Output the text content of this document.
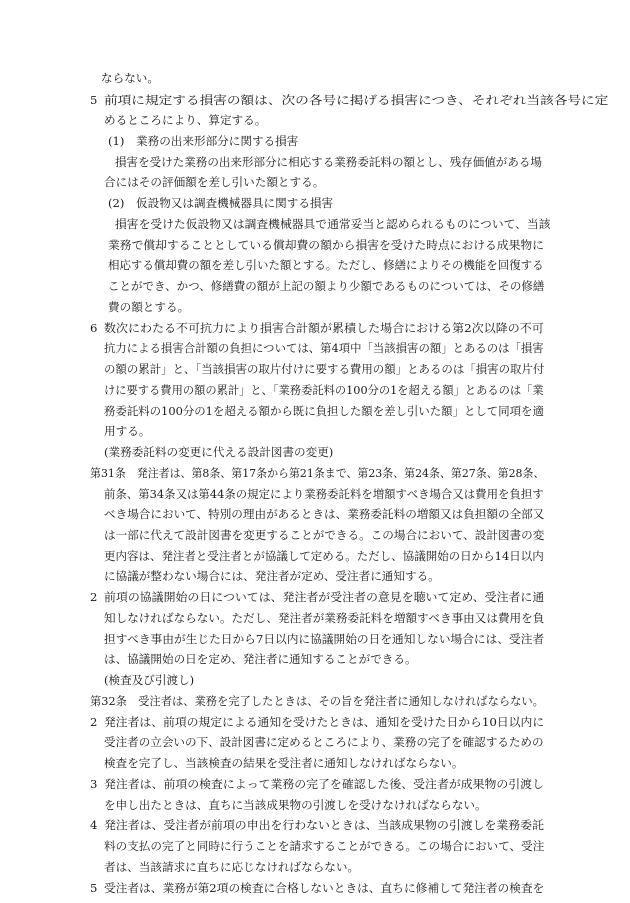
ならない。
5 前項に規定する損害の額は、次の各号に掲げる損害につき、それぞれ当該各号に定
めるところにより、算定する。
(1)　業務の出来形部分に関する損害
損害を受けた業務の出来形部分に相応する業務委託料の額とし、残存価値がある場
合にはその評価額を差し引いた額とする。
(2)　仮設物又は調査機械器具に関する損害
損害を受けた仮設物又は調査機械器具で通常妥当と認められるものについて、当該
業務で償却することとしている償却費の額から損害を受けた時点における成果物に
相応する償却費の額を差し引いた額とする。ただし、修繕によりその機能を回復する
ことができ、かつ、修繕費の額が上記の額より少額であるものについては、その修繕
費の額とする。
6 数次にわたる不可抗力により損害合計額が累積した場合における第2次以降の不可
抗力による損害合計額の負担については、第4項中「当該損害の額」とあるのは「損害
の額の累計」と、「当該損害の取片付けに要する費用の額」とあるのは「損害の取片付
けに要する費用の額の累計」と、「業務委託料の100分の1を超える額」とあるのは「業
務委託料の100分の1を超える額から既に負担した額を差し引いた額」として同項を適
用する。
(業務委託料の変更に代える設計図書の変更)
第31条　発注者は、第8条、第17条から第21条まで、第23条、第24条、第27条、第28条、
前条、第34条又は第44条の規定により業務委託料を増額すべき場合又は費用を負担す
べき場合において、特別の理由があるときは、業務委託料の増額又は負担額の全部又
は一部に代えて設計図書を変更することができる。この場合において、設計図書の変
更内容は、発注者と受注者とが協議して定める。ただし、協議開始の日から14日以内
に協議が整わない場合には、発注者が定め、受注者に通知する。
2 前項の協議開始の日については、発注者が受注者の意見を聴いて定め、受注者に通
知しなければならない。ただし、発注者が業務委託料を増額すべき事由又は費用を負
担すべき事由が生じた日から7日以内に協議開始の日を通知しない場合には、受注者
は、協議開始の日を定め、発注者に通知することができる。
(検査及び引渡し)
第32条　受注者は、業務を完了したときは、その旨を発注者に通知しなければならない。
2 発注者は、前項の規定による通知を受けたときは、通知を受けた日から10日以内に
受注者の立会いの下、設計図書に定めるところにより、業務の完了を確認するための
検査を完了し、当該検査の結果を受注者に通知しなければならない。
3 発注者は、前項の検査によって業務の完了を確認した後、受注者が成果物の引渡し
を申し出たときは、直ちに当該成果物の引渡しを受けなければならない。
4 発注者は、受注者が前項の申出を行わないときは、当該成果物の引渡しを業務委託
料の支払の完了と同時に行うことを請求することができる。この場合において、受注
者は、当該請求に直ちに応じなければならない。
5 受注者は、業務が第2項の検査に合格しないときは、直ちに修補して発注者の検査を
